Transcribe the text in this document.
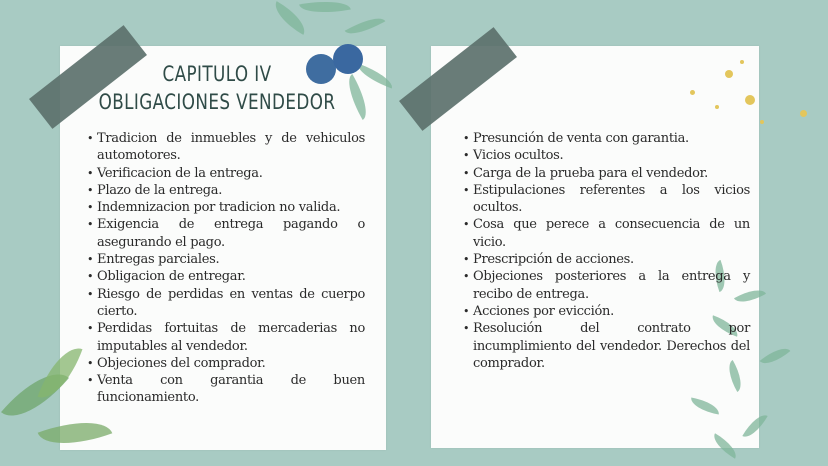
CAPITULO IV
OBLIGACIONES VENDEDOR
• Tradicion de inmuebles y de vehiculos automotores.
• Verificacion de la entrega.
• Plazo de la entrega.
• Indemnizacion por tradicion no valida.
• Exigencia de entrega pagando o asegurando el pago.
• Entregas parciales.
• Obligacion de entregar.
• Riesgo de perdidas en ventas de cuerpo cierto.
• Perdidas fortuitas de mercaderias no imputables al vendedor.
• Objeciones del comprador.
• Venta con garantia de buen funcionamiento.
• Presunción de venta con garantia.
• Vicios ocultos.
• Carga de la prueba para el vendedor.
• Estipulaciones referentes a los vicios ocultos.
• Cosa que perece a consecuencia de un vicio.
• Prescripción de acciones.
• Objeciones posteriores a la entrega y recibo de entrega.
• Acciones por evicción.
• Resolución del contrato por incumplimiento del vendedor. Derechos del comprador.
